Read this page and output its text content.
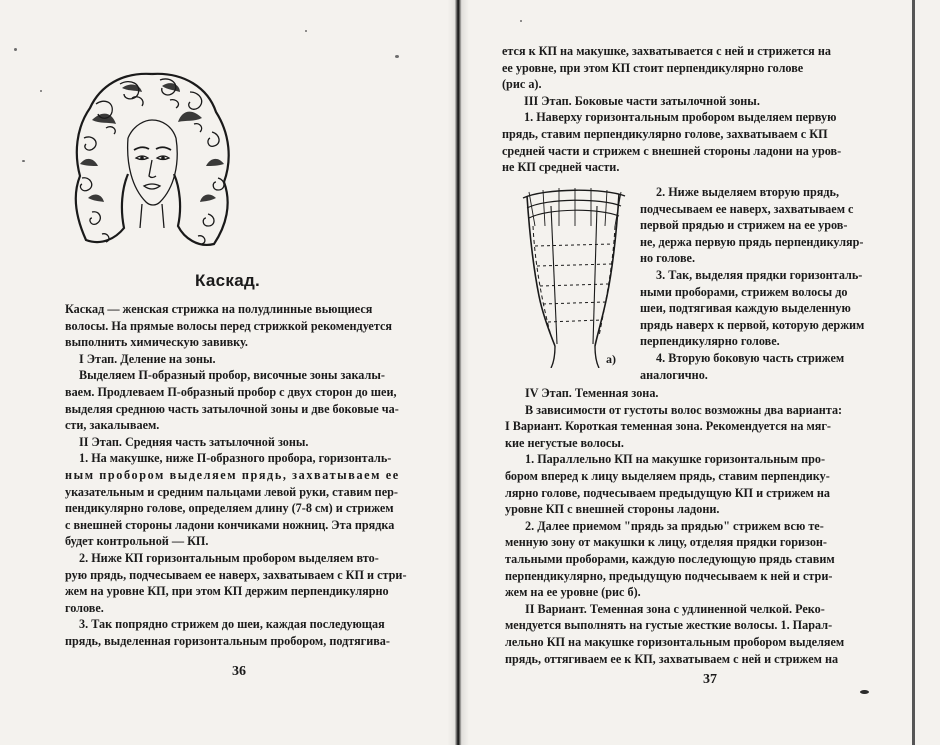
Каскад.
Каскад — женская стрижка на полудлинные вьющиеся
волосы. На прямые волосы перед стрижкой рекомендуется
выполнить химическую завивку.
I Этап. Деление на зоны.
Выделяем П-образный пробор, височные зоны закалы-
ваем. Продлеваем П-образный пробор с двух сторон до шеи,
выделяя среднюю часть затылочной зоны и две боковые ча-
сти, закалываем.
II Этап. Средняя часть затылочной зоны.
1. На макушке, ниже П-образного пробора, горизонталь-
ным пробором выделяем прядь, захватываем ее
указательным и средним пальцами левой руки, ставим пер-
пендикулярно голове, определяем длину (7-8 см) и стрижем
с внешней стороны ладони кончиками ножниц. Эта прядка
будет контрольной — КП.
2. Ниже КП горизонтальным пробором выделяем вто-
рую прядь, подчесываем ее наверх, захватываем с КП и стри-
жем на уровне КП, при этом КП держим перпендикулярно
голове.
3. Так попрядно стрижем до шеи, каждая последующая
прядь, выделенная горизонтальным пробором, подтягива-
36
ется к КП на макушке, захватывается с ней и стрижется на
ее уровне, при этом КП стоит перпендикулярно голове
(рис а).
III Этап. Боковые части затылочной зоны.
1. Наверху горизонтальным пробором выделяем первую
прядь, ставим перпендикулярно голове, захватываем с КП
средней части и стрижем с внешней стороны ладони на уров-
не КП средней части.
а)
2. Ниже выделяем вторую прядь,
подчесываем ее наверх, захватываем с
первой прядью и стрижем на ее уров-
не, держа первую прядь перпендикуляр-
но голове.
3. Так, выделяя прядки горизонталь-
ными проборами, стрижем волосы до
шеи, подтягивая каждую выделенную
прядь наверх к первой, которую держим
перпендикулярно голове.
4. Вторую боковую часть стрижем
аналогично.
IV Этап. Теменная зона.
В зависимости от густоты волос возможны два варианта:
I Вариант. Короткая теменная зона. Рекомендуется на мяг-
кие негустые волосы.
1. Параллельно КП на макушке горизонтальным про-
бором вперед к лицу выделяем прядь, ставим перпендику-
лярно голове, подчесываем предыдущую КП и стрижем на
уровне КП с внешней стороны ладони.
2. Далее приемом "прядь за прядью" стрижем всю те-
менную зону от макушки к лицу, отделяя прядки горизон-
тальными проборами, каждую последующую прядь ставим
перпендикулярно, предыдущую подчесываем к ней и стри-
жем на ее уровне (рис б).
II Вариант. Теменная зона с удлиненной челкой. Реко-
мендуется выполнять на густые жесткие волосы. 1. Парал-
лельно КП на макушке горизонтальным пробором выделяем
прядь, оттягиваем ее к КП, захватываем с ней и стрижем на
37
